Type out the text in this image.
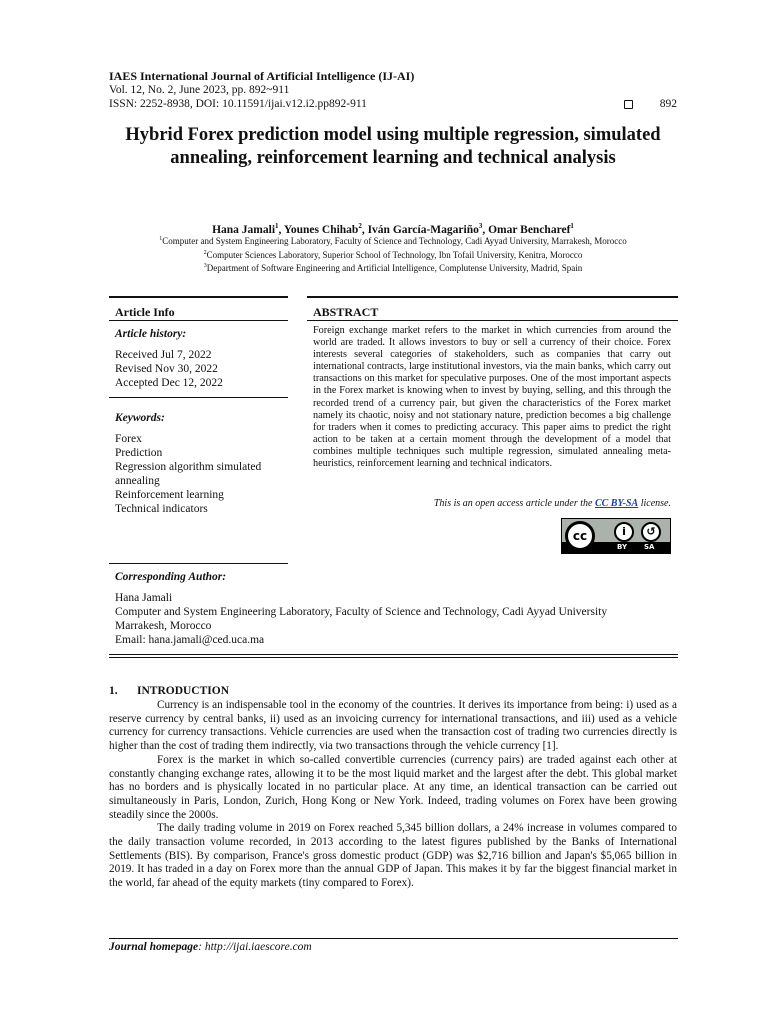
IAES International Journal of Artificial Intelligence (IJ-AI)
Vol. 12, No. 2, June 2023, pp. 892~911
ISSN: 2252-8938, DOI: 10.11591/ijai.v12.i2.pp892-911	892
Hybrid Forex prediction model using multiple regression, simulated annealing, reinforcement learning and technical analysis
Hana Jamali$^1$, Younes Chihab$^2$, Iván García-Magariño$^3$, Omar Bencharef$^1$
$^1$Computer and System Engineering Laboratory, Faculty of Science and Technology, Cadi Ayyad University, Marrakesh, Morocco
$^2$Computer Sciences Laboratory, Superior School of Technology, Ibn Tofail University, Kenitra, Morocco
$^3$Department of Software Engineering and Artificial Intelligence, Complutense University, Madrid, Spain
Article Info	ABSTRACT
Article history:
Received Jul 7, 2022
Revised Nov 30, 2022
Accepted Dec 12, 2022
Keywords:
Forex
Prediction
Regression algorithm simulated annealing
Reinforcement learning
Technical indicators
Foreign exchange market refers to the market in which currencies from around the world are traded. It allows investors to buy or sell a currency of their choice. Forex interests several categories of stakeholders, such as companies that carry out international contracts, large institutional investors, via the main banks, which carry out transactions on this market for speculative purposes. One of the most important aspects in the Forex market is knowing when to invest by buying, selling, and this through the recorded trend of a currency pair, but given the characteristics of the Forex market namely its chaotic, noisy and not stationary nature, prediction becomes a big challenge for traders when it comes to predicting accuracy. This paper aims to predict the right action to be taken at a certain moment through the development of a model that combines multiple techniques such multiple regression, simulated annealing meta-heuristics, reinforcement learning and technical indicators.
This is an open access article under the CC BY-SA license.
cc	i	↺
BY SA
Corresponding Author:
Hana Jamali
Computer and System Engineering Laboratory, Faculty of Science and Technology, Cadi Ayyad University
Marrakesh, Morocco
Email: hana.jamali@ced.uca.ma
1. INTRODUCTION

Currency is an indispensable tool in the economy of the countries. It derives its importance from being: i) used as a reserve currency by central banks, ii) used as an invoicing currency for international transactions, and iii) used as a vehicle currency for currency transactions. Vehicle currencies are used when the transaction cost of trading two currencies directly is higher than the cost of trading them indirectly, via two transactions through the vehicle currency [1].

Forex is the market in which so-called convertible currencies (currency pairs) are traded against each other at constantly changing exchange rates, allowing it to be the most liquid market and the largest after the debt. This global market has no borders and is physically located in no particular place. At any time, an identical transaction can be carried out simultaneously in Paris, London, Zurich, Hong Kong or New York. Indeed, trading volumes on Forex have been growing steadily since the 2000s.

The daily trading volume in 2019 on Forex reached 5,345 billion dollars, a 24% increase in volumes compared to the daily transaction volume recorded, in 2013 according to the latest figures published by the Banks of International Settlements (BIS). By comparison, France's gross domestic product (GDP) was $2,716 billion and Japan's $5,065 billion in 2019. It has traded in a day on Forex more than the annual GDP of Japan. This makes it by far the biggest financial market in the world, far ahead of the equity markets (tiny compared to Forex).

Journal homepage: http://ijai.iaescore.com
